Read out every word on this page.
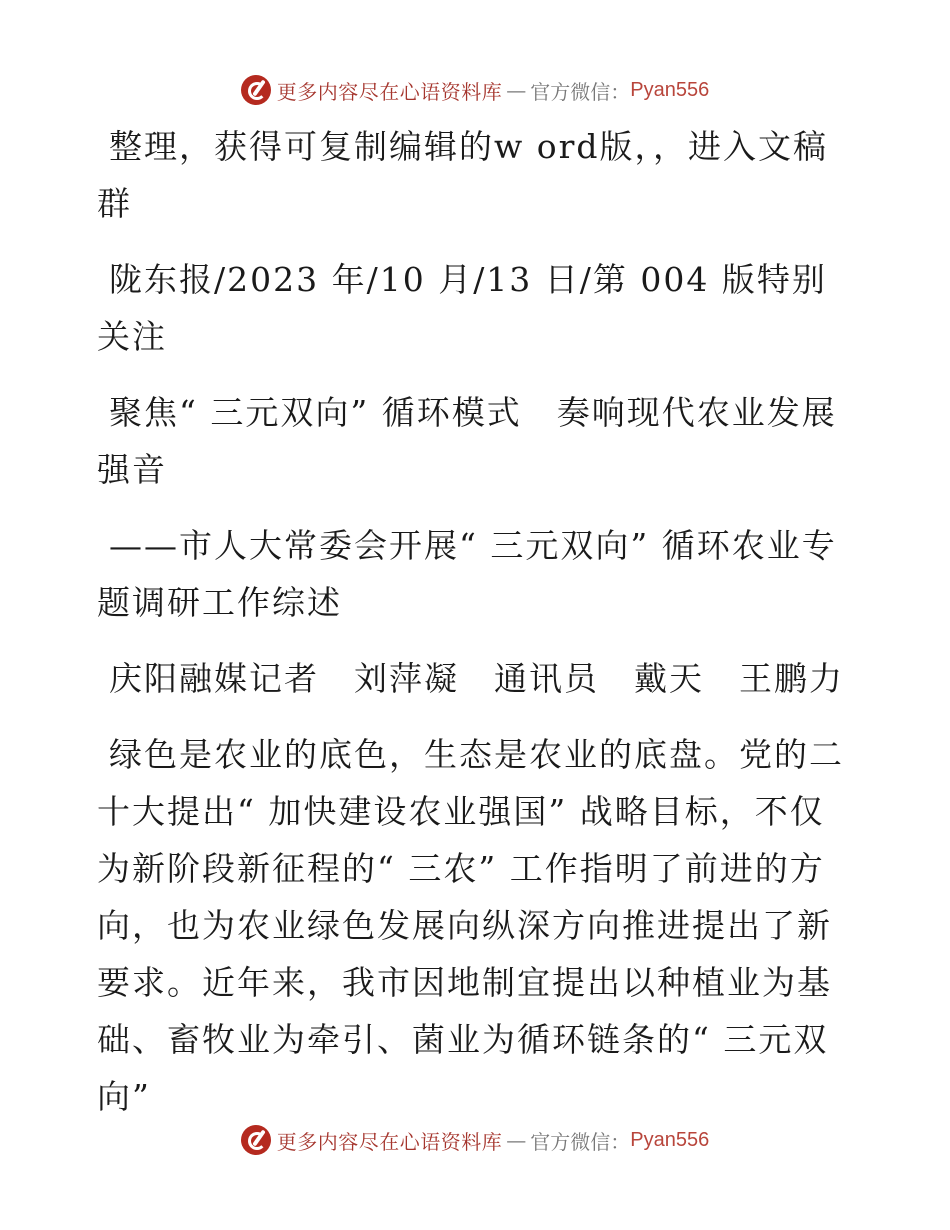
更多内容尽在心语资料库 — 官方微信： Pyan556

整理，获得可复制编辑的w ord版，，进入文稿群

陇东报/2023 年/10 月/13 日/第 004 版特别关注

聚焦“ 三元双向” 循环模式　奏响现代农业发展强音

——市人大常委会开展“ 三元双向” 循环农业专题调研工作综述

庆阳融媒记者　刘萍凝　通讯员　戴天　王鹏力

绿色是农业的底色，生态是农业的底盘。党的二十大提出“ 加快建设农业强国” 战略目标，不仅为新阶段新征程的“ 三农” 工作指明了前进的方向，也为农业绿色发展向纵深方向推进提出了新要求。近年来，我市因地制宜提出以种植业为基础、畜牧业为牵引、菌业为循环链条的“ 三元双向”

更多内容尽在心语资料库 — 官方微信： Pyan556
